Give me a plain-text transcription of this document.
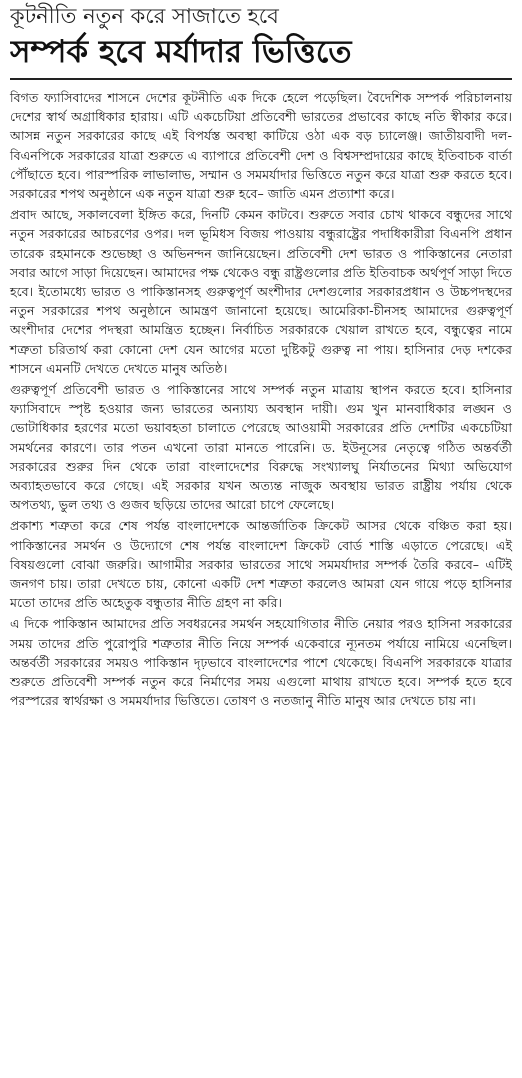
কূটনীতি নতুন করে সাজাতে হবে
সম্পর্ক হবে মর্যাদার ভিত্তিতে

বিগত ফ্যাসিবাদের শাসনে দেশের কূটনীতি এক দিকে হেলে পড়েছিল। বৈদেশিক সম্পর্ক পরিচালনায় দেশের স্বার্থ অগ্রাধিকার হারায়। এটি একচেটিয়া প্রতিবেশী ভারতের প্রভাবের কাছে নতি স্বীকার করে। আসন্ন নতুন সরকারের কাছে এই বিপর্যস্ত অবস্থা কাটিয়ে ওঠা এক বড় চ্যালেঞ্জ। জাতীয়বাদী দল-বিএনপিকে সরকারের যাত্রা শুরুতে এ ব্যাপারে প্রতিবেশী দেশ ও বিশ্বসম্প্রদায়ের কাছে ইতিবাচক বার্তা পৌঁছাতে হবে। পারস্পরিক লাভালাভ, সম্মান ও সমমর্যাদার ভিত্তিতে নতুন করে যাত্রা শুরু করতে হবে। সরকারের শপথ অনুষ্ঠানে এক নতুন যাত্রা শুরু হবে– জাতি এমন প্রত্যাশা করে।

প্রবাদ আছে, সকালবেলা ইঙ্গিত করে, দিনটি কেমন কাটবে। শুরুতে সবার চোখ থাকবে বন্ধুদের সাথে নতুন সরকারের আচরণের ওপর। দল ভূমিধস বিজয় পাওয়ায় বন্ধুরাষ্ট্রের পদাধিকারীরা বিএনপি প্রধান তারেক রহমানকে শুভেচ্ছা ও অভিনন্দন জানিয়েছেন। প্রতিবেশী দেশ ভারত ও পাকিস্তানের নেতারা সবার আগে সাড়া দিয়েছেন। আমাদের পক্ষ থেকেও বন্ধু রাষ্ট্রগুলোর প্রতি ইতিবাচক অর্থপূর্ণ সাড়া দিতে হবে। ইতোমধ্যে ভারত ও পাকিস্তানসহ গুরুত্বপূর্ণ অংশীদার দেশগুলোর সরকারপ্রধান ও উচ্চপদস্থদের নতুন সরকারের শপথ অনুষ্ঠানে আমন্ত্রণ জানানো হয়েছে। আমেরিকা-চীনসহ আমাদের গুরুত্বপূর্ণ অংশীদার দেশের পদস্থরা আমন্ত্রিত হচ্ছেন। নির্বাচিত সরকারকে খেয়াল রাখতে হবে, বন্ধুত্বের নামে শত্রুতা চরিতার্থ করা কোনো দেশ যেন আগের মতো দুষ্টিকটু গুরুত্ব না পায়। হাসিনার দেড় দশকের শাসনে এমনটি দেখতে দেখতে মানুষ অতিষ্ঠ।

গুরুত্বপূর্ণ প্রতিবেশী ভারত ও পাকিস্তানের সাথে সম্পর্ক নতুন মাত্রায় স্থাপন করতে হবে। হাসিনার ফ্যাসিবাদে স্পৃষ্ট হওয়ার জন্য ভারতের অন্যায্য অবস্থান দায়ী। গুম খুন মানবাধিকার লঙ্ঘন ও ভোটাধিকার হরণের মতো ভয়াবহতা চালাতে পেরেছে আওয়ামী সরকারের প্রতি দেশটির একচেটিয়া সমর্থনের কারণে। তার পতন এখনো তারা মানতে পারেনি। ড. ইউনূসের নেতৃত্বে গঠিত অন্তর্বর্তী সরকারের শুরুর দিন থেকে তারা বাংলাদেশের বিরুদ্ধে সংখ্যালঘু নির্যাতনের মিথ্যা অভিযোগ অব্যাহতভাবে করে গেছে। এই সরকার যখন অত্যন্ত নাজুক অবস্থায় ভারত রাষ্ট্রীয় পর্যায় থেকে অপতথ্য, ভুল তথ্য ও গুজব ছড়িয়ে তাদের আরো চাপে ফেলেছে।

প্রকাশ্য শত্রুতা করে শেষ পর্যন্ত বাংলাদেশকে আন্তর্জাতিক ক্রিকেট আসর থেকে বঞ্চিত করা হয়। পাকিস্তানের সমর্থন ও উদ্যোগে শেষ পর্যন্ত বাংলাদেশ ক্রিকেট বোর্ড শাস্তি এড়াতে পেরেছে। এই বিষয়গুলো বোঝা জরুরি। আগামীর সরকার ভারতের সাথে সমমর্যাদার সম্পর্ক তৈরি করবে– এটিই জনগণ চায়। তারা দেখতে চায়, কোনো একটি দেশ শত্রুতা করলেও আমরা যেন গায়ে পড়ে হাসিনার মতো তাদের প্রতি অহেতুক বন্ধুতার নীতি গ্রহণ না করি।

এ দিকে পাকিস্তান আমাদের প্রতি সবধরনের সমর্থন সহযোগিতার নীতি নেয়ার পরও হাসিনা সরকারের সময় তাদের প্রতি পুরোপুরি শত্রুতার নীতি নিয়ে সম্পর্ক একেবারে ন্যূনতম পর্যায়ে নামিয়ে এনেছিল। অন্তর্বর্তী সরকারের সময়ও পাকিস্তান দৃঢ়ভাবে বাংলাদেশের পাশে থেকেছে। বিএনপি সরকারকে যাত্রার শুরুতে প্রতিবেশী সম্পর্ক নতুন করে নির্মাণের সময় এগুলো মাথায় রাখতে হবে। সম্পর্ক হতে হবে পরস্পরের স্বার্থরক্ষা ও সমমর্যাদার ভিত্তিতে। তোষণ ও নতজানু নীতি মানুষ আর দেখতে চায় না।
